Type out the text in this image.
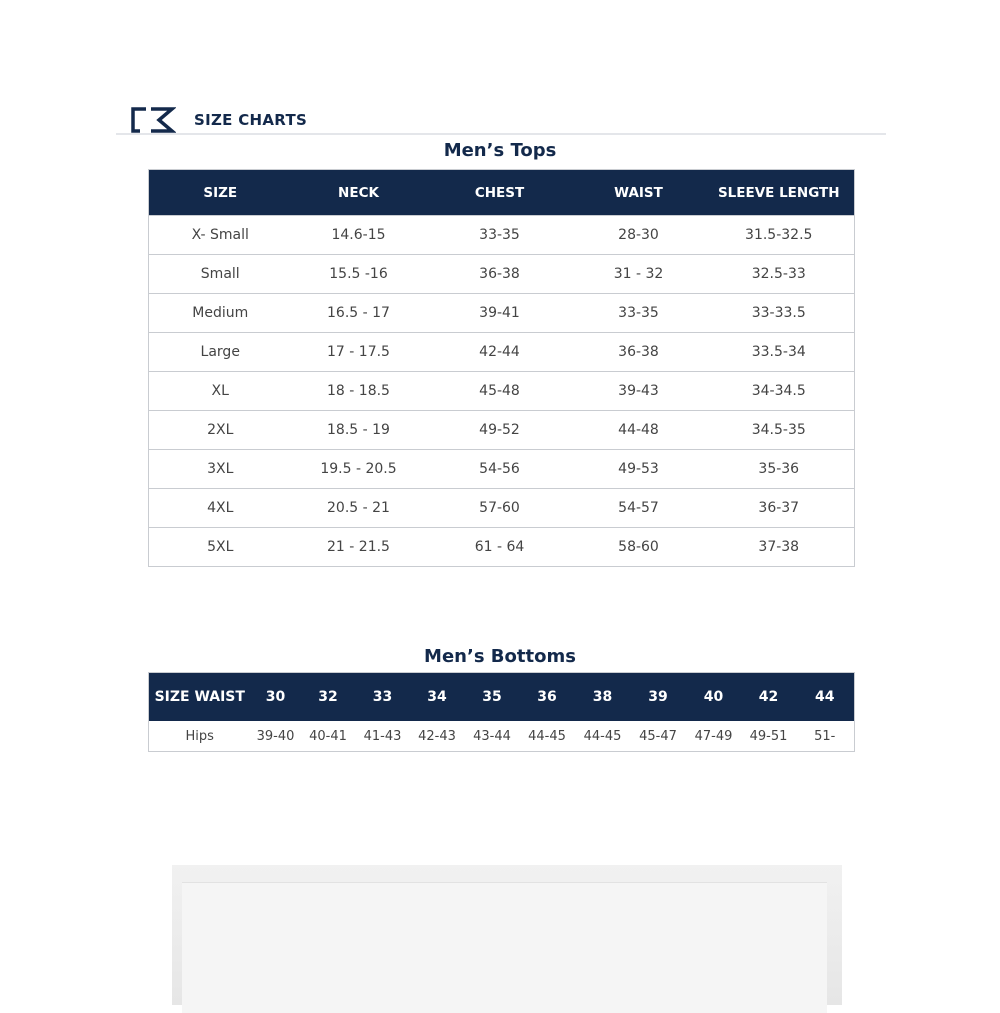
SIZE CHARTS
Men’s Tops
SIZE	NECK	CHEST	WAIST	SLEEVE LENGTH
X- Small	14.6-15	33-35	28-30	31.5-32.5
Small	15.5 -16	36-38	31 - 32	32.5-33
Medium	16.5 - 17	39-41	33-35	33-33.5
Large	17 - 17.5	42-44	36-38	33.5-34
XL	18 - 18.5	45-48	39-43	34-34.5
2XL	18.5 - 19	49-52	44-48	34.5-35
3XL	19.5 - 20.5	54-56	49-53	35-36
4XL	20.5 - 21	57-60	54-57	36-37
5XL	21 - 21.5	61 - 64	58-60	37-38
Men’s Bottoms
SIZE WAIST	30	32	33	34	35	36	38	39	40	42	44
Hips	39-40	40-41	41-43	42-43	43-44	44-45	44-45	45-47	47-49	49-51	51-
